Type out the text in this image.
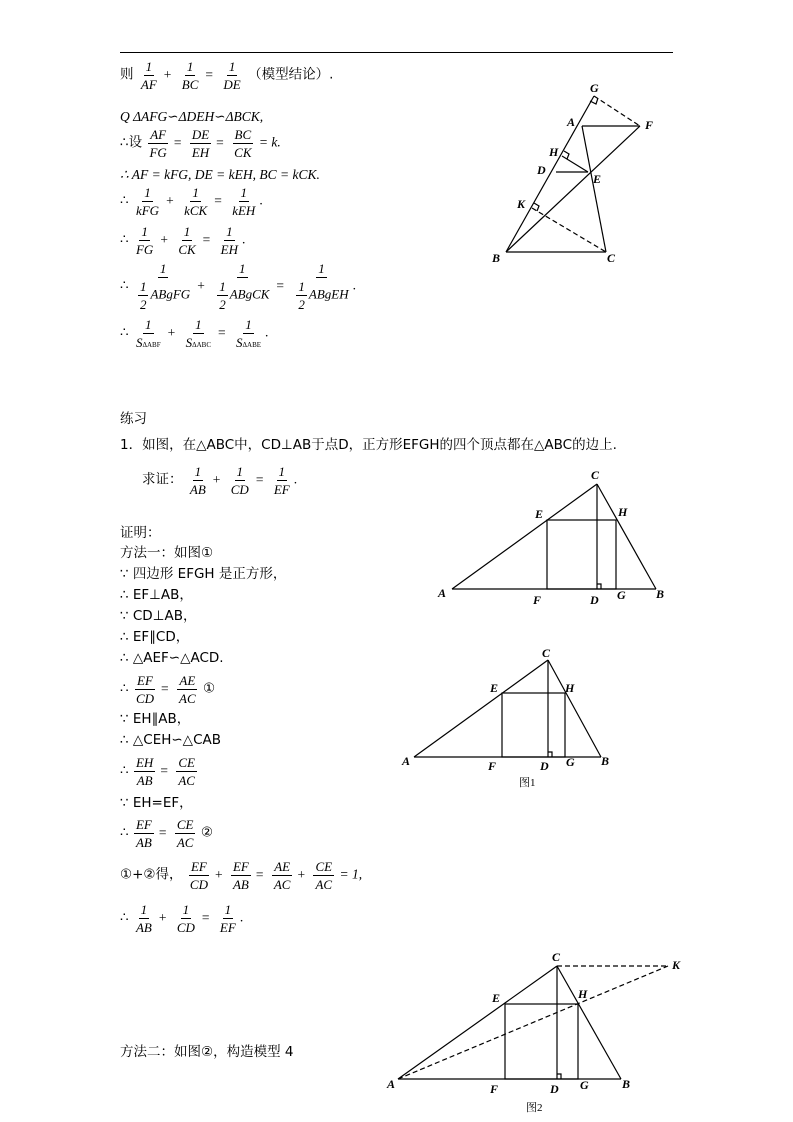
则 $\frac{1}{AF} + \frac{1}{BC} = \frac{1}{DE}$ （模型结论）.
Q ΔAFG∽ΔDEH∽ΔBCK,
∴设 $\frac{AF}{FG} = \frac{DE}{EH} = \frac{BC}{CK} = k$.
∴ AF = kFG, DE = kEH, BC = kCK.
∴ $\frac{1}{\text{kFG}} + \frac{1}{\text{kCK}} = \frac{1}{\text{kEH}}$ .
∴ $\frac{1}{FG} + \frac{1}{CK} = \frac{1}{EH}$ .
∴ $\frac{1}{\frac{1}{2} ABgFG} + \frac{1}{\frac{1}{2} ABgCK} = \frac{1}{\frac{1}{2} ABgEH}$ .
∴ $\frac{1}{\text{SΔABF}} + \frac{1}{\text{SΔABC}} = \frac{1}{\text{SΔABE}}$ .
练习
1．如图，在△ABC中，CD⊥AB于点D，正方形EFGH的四个顶点都在△ABC的边上.
求证： $\frac{1}{AB} + \frac{1}{CD} = \frac{1}{EF}$ .
证明：
方法一：如图①
∵ 四边形 EFGH 是正方形，
∴ EF⊥AB，
∵ CD⊥AB，
∴ EF∥CD，
∴ △AEF∽△ACD.
∴ $\frac{EF}{CD} = \frac{AE}{AC}$ ①
∵ EH∥AB，
∴ △CEH∽△CAB
∴ $\frac{EH}{AB} = \frac{CE}{AC}$
∵ EH=EF，
∴ $\frac{EF}{AB} = \frac{CE}{AC}$ ②
①+②得， $\frac{EF}{CD} + \frac{EF}{AB} = \frac{AE}{AC} + \frac{CE}{AC} = 1$,
∴ $\frac{1}{AB} + \frac{1}{CD} = \frac{1}{EF}$ .
方法二：如图②，构造模型 4
G
A	F
H
D
E
K
B	C
C
E	H
A	F	D G	B
C
E	H
A	F	D G B
图1
C
K
E	H
A	F	D G	B
图2
